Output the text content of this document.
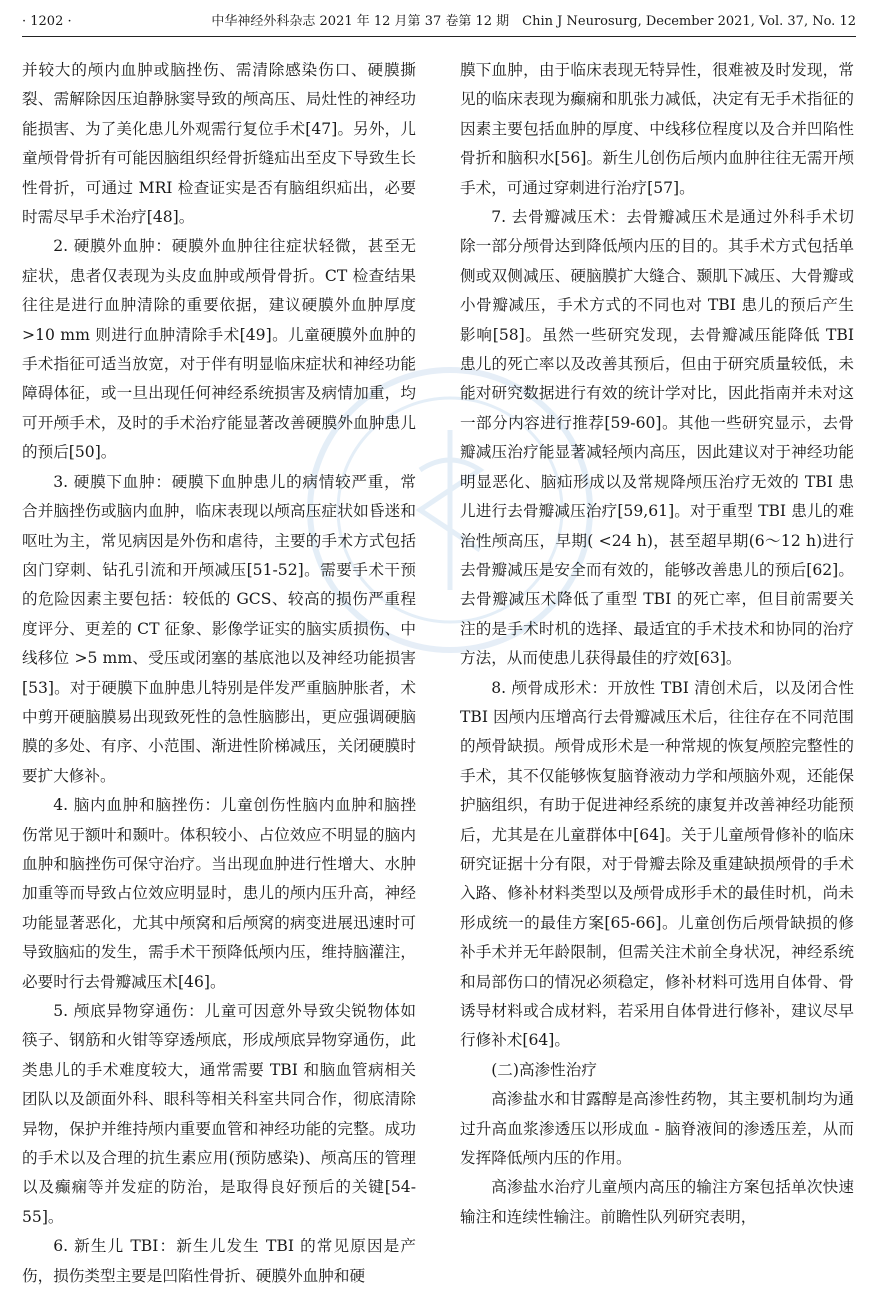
· 1202 ·	中华神经外科杂志 2021 年 12 月第 37 卷第 12 期　Chin J Neurosurg, December 2021, Vol. 37, No. 12

并较大的颅内血肿或脑挫伤、需清除感染伤口、硬膜撕裂、需解除因压迫静脉窦导致的颅高压、局灶性的神经功能损害、为了美化患儿外观需行复位手术[47]。另外，儿童颅骨骨折有可能因脑组织经骨折缝疝出至皮下导致生长性骨折，可通过 MRI 检查证实是否有脑组织疝出，必要时需尽早手术治疗[48]。

2. 硬膜外血肿：硬膜外血肿往往症状轻微，甚至无症状，患者仅表现为头皮血肿或颅骨骨折。CT 检查结果往往是进行血肿清除的重要依据，建议硬膜外血肿厚度 >10 mm 则进行血肿清除手术[49]。儿童硬膜外血肿的手术指征可适当放宽，对于伴有明显临床症状和神经功能障碍体征，或一旦出现任何神经系统损害及病情加重，均可开颅手术，及时的手术治疗能显著改善硬膜外血肿患儿的预后[50]。

3. 硬膜下血肿：硬膜下血肿患儿的病情较严重，常合并脑挫伤或脑内血肿，临床表现以颅高压症状如昏迷和呕吐为主，常见病因是外伤和虐待，主要的手术方式包括囟门穿刺、钻孔引流和开颅减压[51-52]。需要手术干预的危险因素主要包括：较低的 GCS、较高的损伤严重程度评分、更差的 CT 征象、影像学证实的脑实质损伤、中线移位 >5 mm、受压或闭塞的基底池以及神经功能损害[53]。对于硬膜下血肿患儿特别是伴发严重脑肿胀者，术中剪开硬脑膜易出现致死性的急性脑膨出，更应强调硬脑膜的多处、有序、小范围、渐进性阶梯减压，关闭硬膜时要扩大修补。

4. 脑内血肿和脑挫伤：儿童创伤性脑内血肿和脑挫伤常见于额叶和颞叶。体积较小、占位效应不明显的脑内血肿和脑挫伤可保守治疗。当出现血肿进行性增大、水肿加重等而导致占位效应明显时，患儿的颅内压升高，神经功能显著恶化，尤其中颅窝和后颅窝的病变进展迅速时可导致脑疝的发生，需手术干预降低颅内压，维持脑灌注，必要时行去骨瓣减压术[46]。

5. 颅底异物穿通伤：儿童可因意外导致尖锐物体如筷子、钢筋和火钳等穿透颅底，形成颅底异物穿通伤，此类患儿的手术难度较大，通常需要 TBI 和脑血管病相关团队以及颌面外科、眼科等相关科室共同合作，彻底清除异物，保护并维持颅内重要血管和神经功能的完整。成功的手术以及合理的抗生素应用(预防感染)、颅高压的管理以及癫痫等并发症的防治，是取得良好预后的关键[54-55]。

6. 新生儿 TBI：新生儿发生 TBI 的常见原因是产伤，损伤类型主要是凹陷性骨折、硬膜外血肿和硬

膜下血肿，由于临床表现无特异性，很难被及时发现，常见的临床表现为癫痫和肌张力减低，决定有无手术指征的因素主要包括血肿的厚度、中线移位程度以及合并凹陷性骨折和脑积水[56]。新生儿创伤后颅内血肿往往无需开颅手术，可通过穿刺进行治疗[57]。

7. 去骨瓣减压术：去骨瓣减压术是通过外科手术切除一部分颅骨达到降低颅内压的目的。其手术方式包括单侧或双侧减压、硬脑膜扩大缝合、颞肌下减压、大骨瓣或小骨瓣减压，手术方式的不同也对 TBI 患儿的预后产生影响[58]。虽然一些研究发现，去骨瓣减压能降低 TBI 患儿的死亡率以及改善其预后，但由于研究质量较低，未能对研究数据进行有效的统计学对比，因此指南并未对这一部分内容进行推荐[59-60]。其他一些研究显示，去骨瓣减压治疗能显著减轻颅内高压，因此建议对于神经功能明显恶化、脑疝形成以及常规降颅压治疗无效的 TBI 患儿进行去骨瓣减压治疗[59,61]。对于重型 TBI 患儿的难治性颅高压，早期( <24 h)，甚至超早期(6～12 h)进行去骨瓣减压是安全而有效的，能够改善患儿的预后[62]。去骨瓣减压术降低了重型 TBI 的死亡率，但目前需要关注的是手术时机的选择、最适宜的手术技术和协同的治疗方法，从而使患儿获得最佳的疗效[63]。

8. 颅骨成形术：开放性 TBI 清创术后，以及闭合性 TBI 因颅内压增高行去骨瓣减压术后，往往存在不同范围的颅骨缺损。颅骨成形术是一种常规的恢复颅腔完整性的手术，其不仅能够恢复脑脊液动力学和颅脑外观，还能保护脑组织，有助于促进神经系统的康复并改善神经功能预后，尤其是在儿童群体中[64]。关于儿童颅骨修补的临床研究证据十分有限，对于骨瓣去除及重建缺损颅骨的手术入路、修补材料类型以及颅骨成形手术的最佳时机，尚未形成统一的最佳方案[65-66]。儿童创伤后颅骨缺损的修补手术并无年龄限制，但需关注术前全身状况，神经系统和局部伤口的情况必须稳定，修补材料可选用自体骨、骨诱导材料或合成材料，若采用自体骨进行修补，建议尽早行修补术[64]。

(二)高渗性治疗

高渗盐水和甘露醇是高渗性药物，其主要机制均为通过升高血浆渗透压以形成血 - 脑脊液间的渗透压差，从而发挥降低颅内压的作用。

高渗盐水治疗儿童颅内高压的输注方案包括单次快速输注和连续性输注。前瞻性队列研究表明，
